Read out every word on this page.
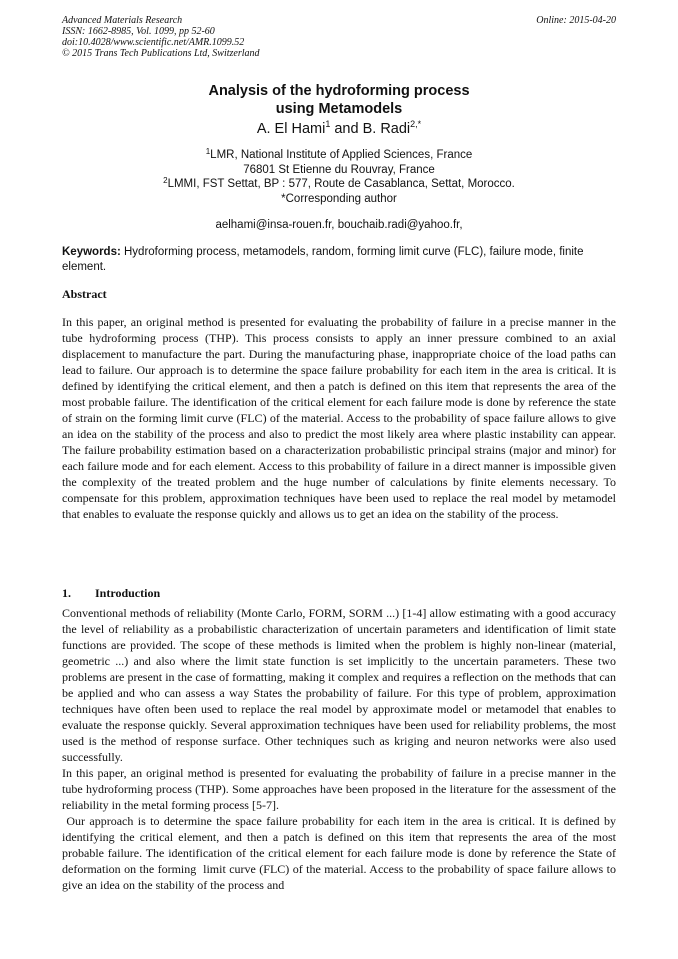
Advanced Materials Research
ISSN: 1662-8985, Vol. 1099, pp 52-60
doi:10.4028/www.scientific.net/AMR.1099.52
© 2015 Trans Tech Publications Ltd, Switzerland
Online: 2015-04-20
Analysis of the hydroforming process
using Metamodels
A. El Hami$^1$ and B. Radi$^{2,*}$
$^1$LMR, National Institute of Applied Sciences, France
76801 St Etienne du Rouvray, France
$^2$LMMI, FST Settat, BP : 577, Route de Casablanca, Settat, Morocco.
*Corresponding author
aelhami@insa-rouen.fr, bouchaib.radi@yahoo.fr,
Keywords: Hydroforming process, metamodels, random, forming limit curve (FLC), failure mode, finite element.
Abstract

In this paper, an original method is presented for evaluating the probability of failure in a precise manner in the tube hydroforming process (THP). This process consists to apply an inner pressure combined to an axial displacement to manufacture the part. During the manufacturing phase, inappropriate choice of the load paths can lead to failure. Our approach is to determine the space failure probability for each item in the area is critical. It is defined by identifying the critical element, and then a patch is defined on this item that represents the area of the most probable failure. The identification of the critical element for each failure mode is done by reference the state of strain on the forming limit curve (FLC) of the material. Access to the probability of space failure allows to give an idea on the stability of the process and also to predict the most likely area where plastic instability can appear. The failure probability estimation based on a characterization probabilistic principal strains (major and minor) for each failure mode and for each element. Access to this probability of failure in a direct manner is impossible given the complexity of the treated problem and the huge number of calculations by finite elements necessary. To compensate for this problem, approximation techniques have been used to replace the real model by metamodel that enables to evaluate the response quickly and allows us to get an idea on the stability of the process.

1. Introduction

Conventional methods of reliability (Monte Carlo, FORM, SORM ...) [1-4] allow estimating with a good accuracy the level of reliability as a probabilistic characterization of uncertain parameters and identification of limit state functions are provided. The scope of these methods is limited when the problem is highly non-linear (material, geometric ...) and also where the limit state function is set implicitly to the uncertain parameters. These two problems are present in the case of formatting, making it complex and requires a reflection on the methods that can be applied and who can assess a way States the probability of failure. For this type of problem, approximation techniques have often been used to replace the real model by approximate model or metamodel that enables to evaluate the response quickly. Several approximation techniques have been used for reliability problems, the most used is the method of response surface. Other techniques such as kriging and neuron networks were also used successfully.

In this paper, an original method is presented for evaluating the probability of failure in a precise manner in the tube hydroforming process (THP). Some approaches have been proposed in the literature for the assessment of the reliability in the metal forming process [5-7].

Our approach is to determine the space failure probability for each item in the area is critical. It is defined by identifying the critical element, and then a patch is defined on this item that represents the area of the most probable failure. The identification of the critical element for each failure mode is done by reference the State of deformation on the forming  limit curve (FLC) of the material. Access to the probability of space failure allows to give an idea on the stability of the process and
